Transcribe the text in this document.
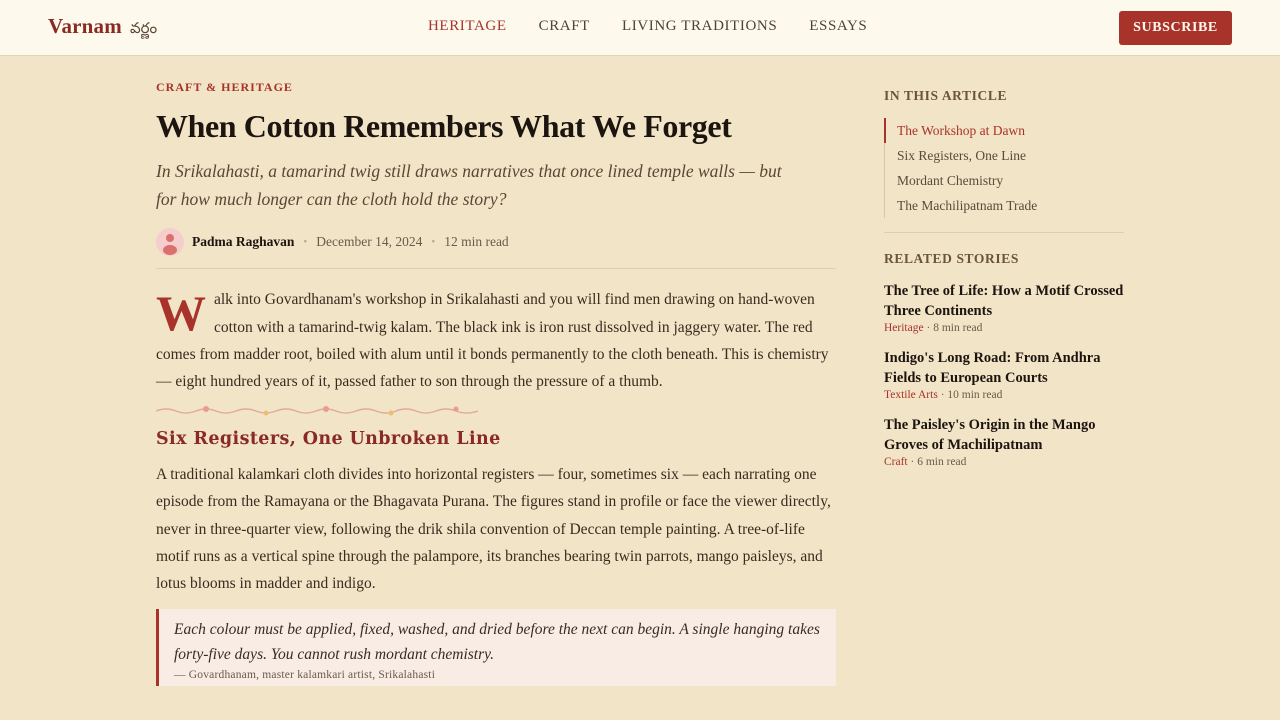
Varnam వర్ణం	HERITAGE CRAFT LIVING TRADITIONS ESSAYS	SUBSCRIBE
CRAFT & HERITAGE
When Cotton Remembers What We Forget

In Srikalahasti, a tamarind twig still draws narratives that once lined temple walls — but for how much longer can the cloth hold the story?

Padma Raghavan • December 14, 2024 • 12 min read

Walk into Govardhanam's workshop in Srikalahasti and you will find men drawing on hand-woven cotton with a tamarind-twig kalam. The black ink is iron rust dissolved in jaggery water. The red comes from madder root, boiled with alum until it bonds permanently to the cloth beneath. This is chemistry — eight hundred years of it, passed father to son through the pressure of a thumb.

Six Registers, One Unbroken Line

A traditional kalamkari cloth divides into horizontal registers — four, sometimes six — each narrating one episode from the Ramayana or the Bhagavata Purana. The figures stand in profile or face the viewer directly, never in three-quarter view, following the drik shila convention of Deccan temple painting. A tree-of-life motif runs as a vertical spine through the palampore, its branches bearing twin parrots, mango paisleys, and lotus blooms in madder and indigo.

Each colour must be applied, fixed, washed, and dried before the next can begin. A single hanging takes forty-five days. You cannot rush mordant chemistry.

— Govardhanam, master kalamkari artist, Srikalahasti

IN THIS ARTICLE
The Workshop at Dawn
Six Registers, One Line
Mordant Chemistry
The Machilipatnam Trade
RELATED STORIES
The Tree of Life: How a Motif Crossed Three Continents
Heritage · 8 min read
Indigo's Long Road: From Andhra Fields to European Courts
Textile Arts · 10 min read
The Paisley's Origin in the Mango Groves of Machilipatnam
Craft · 6 min read
